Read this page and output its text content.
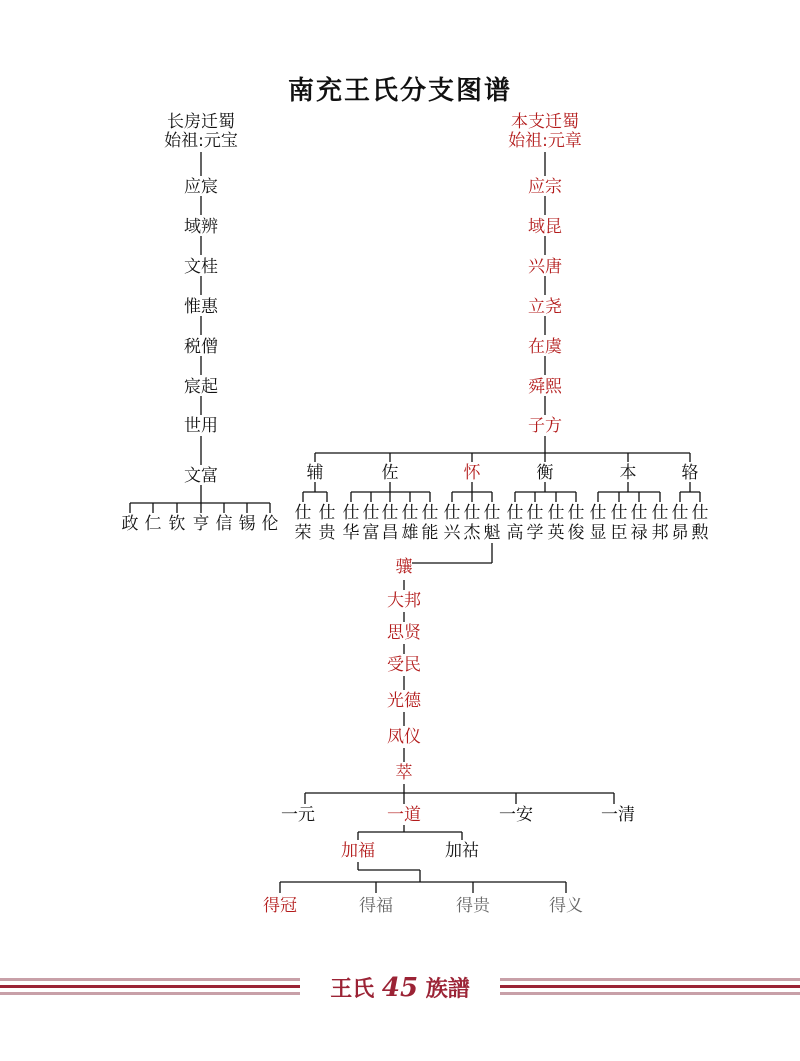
南充王氏分支图谱
长房迁蜀
始祖:元宝
应宸
域辨
文桂
惟惠
税僧
宸起
世用
文富
政 仁 钦 亨 信 锡 伦
本支迁蜀
始祖:元章
应宗
域昆
兴唐
立尧
在虞
舜熙
子方
辅	佐	怀	衡	本	辂
仕
荣
仕
贵
仕
华
仕
富
仕
昌
仕
雄
仕
能
仕
兴
仕
杰
仕
魁
仕
高
仕
学
仕
英
仕
俊
仕
显
仕
臣
仕
禄
仕
邦
仕
昴
仕
勲
骧
大邦
思贤
受民
光德
凤仪
萃
一元	一道	一安	一清
加福	加祜
得冠	得福	得贵	得义
王氏 45 族譜
